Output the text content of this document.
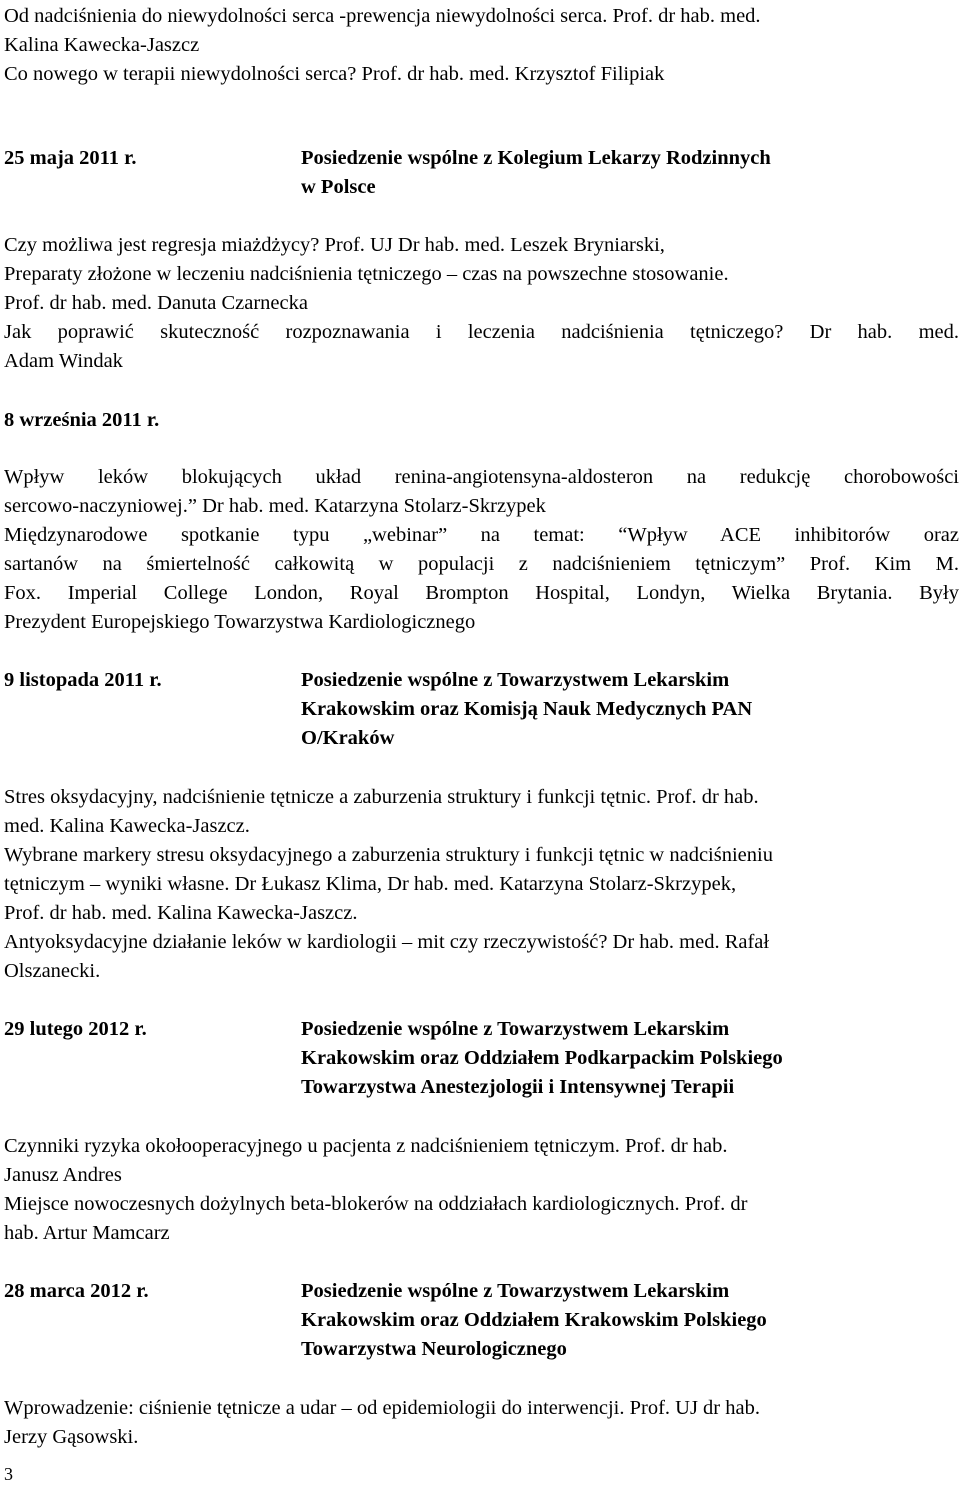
Od nadciśnienia do niewydolności serca -prewencja niewydolności serca. Prof. dr hab. med.
Kalina Kawecka-Jaszcz
Co nowego w terapii niewydolności serca? Prof. dr hab. med. Krzysztof Filipiak
25 maja 2011 r.	Posiedzenie wspólne z Kolegium Lekarzy Rodzinnych
w Polsce
Czy możliwa jest regresja miażdżycy? Prof. UJ Dr hab. med. Leszek Bryniarski,
Preparaty złożone w leczeniu nadciśnienia tętniczego – czas na powszechne stosowanie.
Prof. dr hab. med. Danuta Czarnecka
Jak poprawić skuteczność rozpoznawania i leczenia nadciśnienia tętniczego? Dr hab. med.
Adam Windak
8 września 2011 r.
Wpływ leków blokujących układ renina-angiotensyna-aldosteron na redukcję chorobowości
sercowo-naczyniowej.” Dr hab. med. Katarzyna Stolarz-Skrzypek
Międzynarodowe spotkanie typu „webinar” na temat: “Wpływ ACE inhibitorów oraz
sartanów na śmiertelność całkowitą w populacji z nadciśnieniem tętniczym” Prof. Kim M.
Fox. Imperial College London, Royal Brompton Hospital, Londyn, Wielka Brytania. Były
Prezydent Europejskiego Towarzystwa Kardiologicznego
9 listopada 2011 r.	Posiedzenie wspólne z Towarzystwem Lekarskim
Krakowskim oraz Komisją Nauk Medycznych PAN
O/Kraków
Stres oksydacyjny, nadciśnienie tętnicze a zaburzenia struktury i funkcji tętnic. Prof. dr hab.
med. Kalina Kawecka-Jaszcz.
Wybrane markery stresu oksydacyjnego a zaburzenia struktury i funkcji tętnic w nadciśnieniu
tętniczym – wyniki własne. Dr Łukasz Klima, Dr hab. med. Katarzyna Stolarz-Skrzypek,
Prof. dr hab. med. Kalina Kawecka-Jaszcz.
Antyoksydacyjne działanie leków w kardiologii – mit czy rzeczywistość? Dr hab. med. Rafał
Olszanecki.
29 lutego 2012 r.	Posiedzenie wspólne z Towarzystwem Lekarskim
Krakowskim oraz Oddziałem Podkarpackim Polskiego
Towarzystwa Anestezjologii i Intensywnej Terapii
Czynniki ryzyka okołooperacyjnego u pacjenta z nadciśnieniem tętniczym. Prof. dr hab.
Janusz Andres
Miejsce nowoczesnych dożylnych beta-blokerów na oddziałach kardiologicznych. Prof. dr
hab. Artur Mamcarz
28 marca 2012 r.	Posiedzenie wspólne z Towarzystwem Lekarskim
Krakowskim oraz Oddziałem Krakowskim Polskiego
Towarzystwa Neurologicznego
Wprowadzenie: ciśnienie tętnicze a udar – od epidemiologii do interwencji. Prof. UJ dr hab.
Jerzy Gąsowski.
3
